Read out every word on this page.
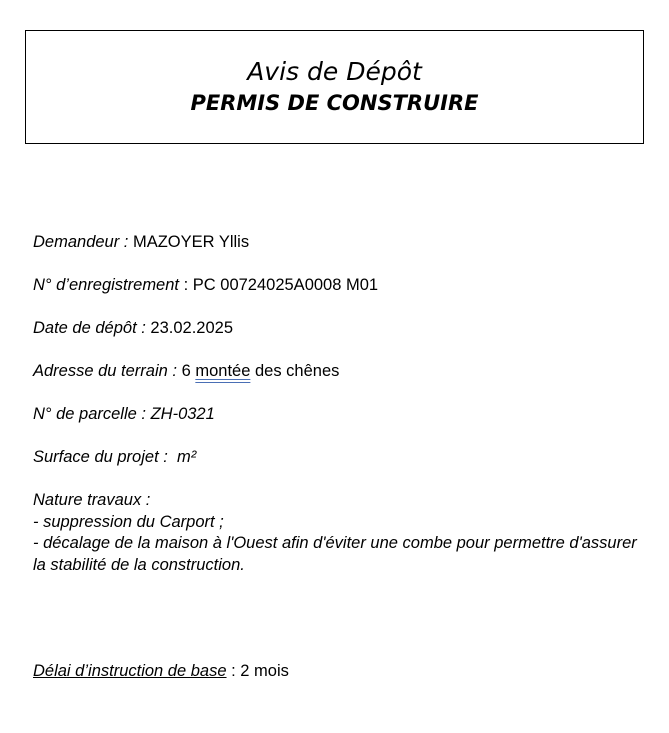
Avis de Dépôt
PERMIS DE CONSTRUIRE
Demandeur : MAZOYER Yllis
N° d’enregistrement : PC 00724025A0008 M01
Date de dépôt : 23.02.2025
Adresse du terrain : 6 montée des chênes
N° de parcelle : ZH-0321
Surface du projet :  m²
Nature travaux :
- suppression du Carport ;
- décalage de la maison à l'Ouest afin d'éviter une combe pour permettre d'assurer la stabilité de la construction.
Délai d’instruction de base : 2 mois
